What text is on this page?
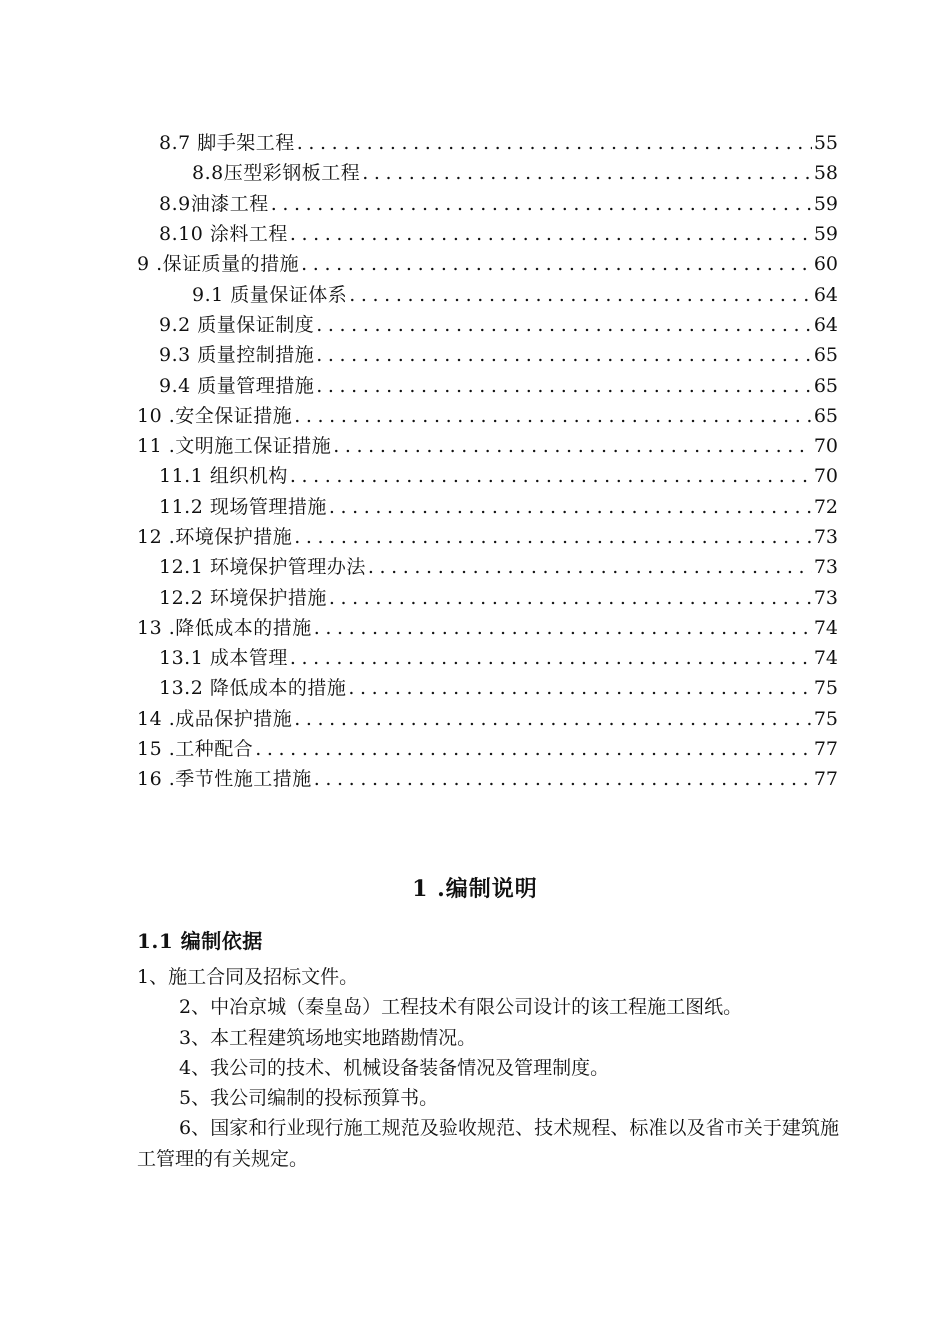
8.7 脚手架工程 .....	55
8.8压型彩钢板工程 .....	58
8.9油漆工程 .....	59
8.10 涂料工程 .....	59
9 .保证质量的措施 .....	60
9.1 质量保证体系 .....	64
9.2 质量保证制度 .....	64
9.3 质量控制措施 .....	65
9.4 质量管理措施 .....	65
10 .安全保证措施 .....	65
11 .文明施工保证措施 .....	70
11.1 组织机构 .....	70
11.2 现场管理措施 .....	72
12 .环境保护措施 .....	73
12.1 环境保护管理办法 .....	73
12.2 环境保护措施 .....	73
13 .降低成本的措施 .....	74
13.1 成本管理 .....	74
13.2 降低成本的措施 .....	75
14 .成品保护措施 .....	75
15 .工种配合 .....	77
16 .季节性施工措施 .....	77
1 .编制说明
1.1 编制依据

1、施工合同及招标文件。

2、中冶京城（秦皇岛）工程技术有限公司设计的该工程施工图纸。

3、本工程建筑场地实地踏勘情况。

4、我公司的技术、机械设备装备情况及管理制度。

5、我公司编制的投标预算书。

6、国家和行业现行施工规范及验收规范、技术规程、标准以及省市关于建筑施工管理的有关规定。
